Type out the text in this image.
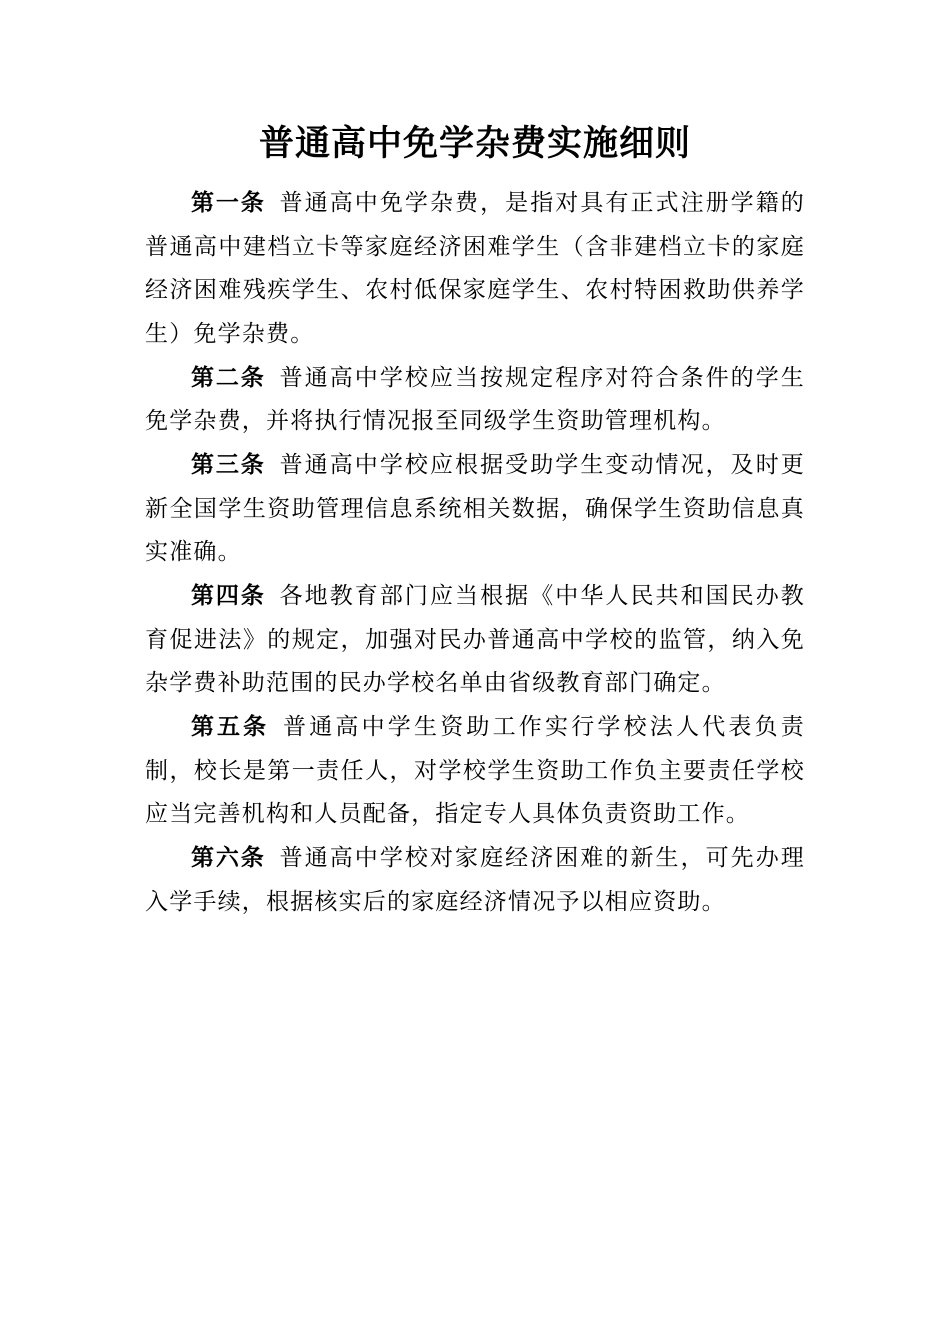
普通高中免学杂费实施细则

第一条 普通高中免学杂费，是指对具有正式注册学籍的普通高中建档立卡等家庭经济困难学生（含非建档立卡的家庭经济困难残疾学生、农村低保家庭学生、农村特困救助供养学生）免学杂费。

第二条 普通高中学校应当按规定程序对符合条件的学生免学杂费，并将执行情况报至同级学生资助管理机构。

第三条 普通高中学校应根据受助学生变动情况，及时更新全国学生资助管理信息系统相关数据，确保学生资助信息真实准确。

第四条 各地教育部门应当根据《中华人民共和国民办教育促进法》的规定，加强对民办普通高中学校的监管，纳入免杂学费补助范围的民办学校名单由省级教育部门确定。

第五条 普通高中学生资助工作实行学校法人代表负责制，校长是第一责任人，对学校学生资助工作负主要责任学校应当完善机构和人员配备，指定专人具体负责资助工作。

第六条 普通高中学校对家庭经济困难的新生，可先办理入学手续，根据核实后的家庭经济情况予以相应资助。
